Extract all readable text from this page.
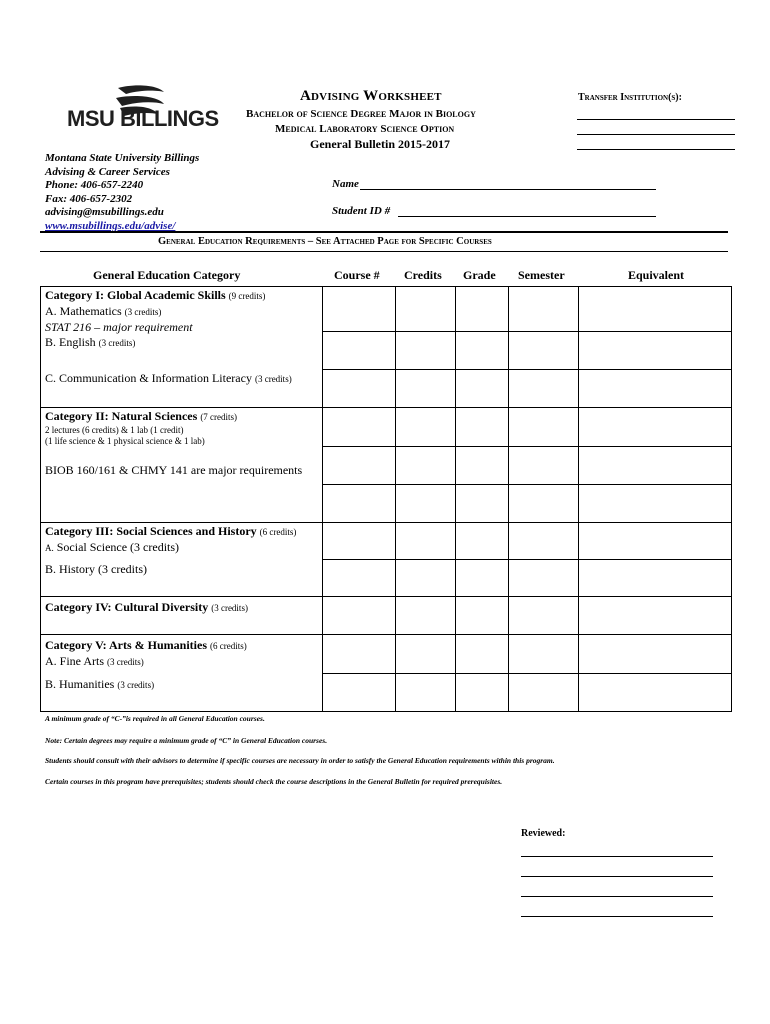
MSU BILLINGS
Montana State University Billings
Advising & Career Services
Phone: 406-657-2240
Fax: 406-657-2302
advising@msubillings.edu
www.msubillings.edu/advise/
Advising Worksheet
Bachelor of Science Degree Major in Biology
Medical Laboratory Science Option
General Bulletin 2015-2017
Transfer Institution(s):
Name
Student ID #
General Education Requirements – See Attached Page for Specific Courses
General Education Category	Course # Credits Grade Semester	Equivalent
Category I: Global Academic Skills (9 credits)
A. Mathematics (3 credits)
STAT 216 – major requirement
B. English (3 credits)
C. Communication & Information Literacy (3 credits)
Category II: Natural Sciences (7 credits)
2 lectures (6 credits) & 1 lab (1 credit)
(1 life science & 1 physical science & 1 lab)
BIOB 160/161 & CHMY 141 are major requirements
Category III: Social Sciences and History (6 credits)
A. Social Science (3 credits)
B. History (3 credits)
Category IV: Cultural Diversity (3 credits)
Category V: Arts & Humanities (6 credits)
A. Fine Arts (3 credits)
B. Humanities (3 credits)
A minimum grade of “C-”is required in all General Education courses.
Note: Certain degrees may require a minimum grade of “C” in General Education courses.
Students should consult with their advisors to determine if specific courses are necessary in order to satisfy the General Education requirements within this program.
Certain courses in this program have prerequisites; students should check the course descriptions in the General Bulletin for required prerequisites.
Reviewed:
